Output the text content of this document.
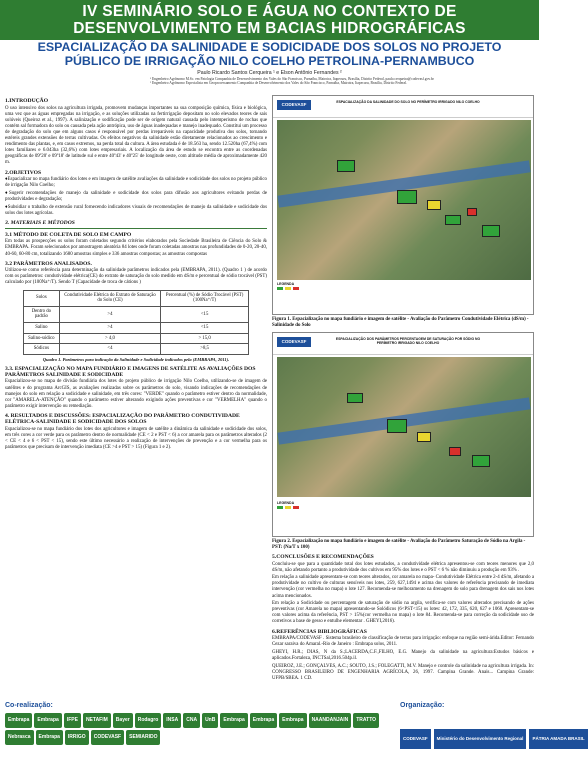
IV SEMINÁRIO SOLO E ÁGUA NO CONTEXTO DE
DESENVOLVIMENTO EM BACIAS HIDROGRÁFICAS
ESPACIALIZAÇÃO DA SALINIDADE E SODICIDADE DOS SOLOS NO PROJETO
PÚBLICO DE IRRIGAÇÃO NILO COELHO PETROLINA-PERNAMBUCO
Paulo Ricardo Santos Cerqueira ¹ e Elson Antônio Fernandes ²
¹ Engenheiro Agrônomo M.Sc. em Patologia Companhia de Desenvolvimento dos Vales do São Francisco, Parnaíba, Mairoira, Itapecuru, Brasília, Distrito Federal, paulo.cerqueira@codevasf.gov.br
² Engenheiro Agrônomo Especialista em Geoprocessamento Companhia de Desenvolvimento dos Vales do São Francisco, Parnaíba, Mairoira, Itapecuru, Brasília, Distrito Federal.
1.INTRODUÇÃO

O uso intensivo dos solos na agricultura irrigada, promovem mudanças importantes na sua composição química, física e biológica, uma vez que as águas empregadas na irrigação, e as soluções utilizadas na fertirrigação depositam no solo elevados teores de sais solúveis (Queiroz et al., 1997). A salinização e sodificação pode ser de origem natural causada pelo intemperismo de rochas que contém sal formadora do solo ou causada pela ação antrópica, uso de águas inadequadas e manejo inadequado. Constitui um processo de degradação do solo que em alguns casos é responsável por perdas irreparáveis na capacidade produtiva dos solos, tornando estéreis grandes extensões de terras cultivadas. Os efeitos negativos da salinidade estão diretamente relacionados ao crescimento e rendimento das plantas, e, em casos extremos, na perda total da cultura. A área estudada é de 18.563 ha, sendo 12.520ha (67,4%) com lotes familiares e 6.043ha (32,6%) com lotes empresariais. A localização da área de estudo se encontra entre as coordenadas geográficas de 09º20' e 09º18' de latitude sul e entre 40º43' e 40º25' de longitude oeste, com altitude média de aproximadamente 420 m.

2.OBJETIVOS

♦Espacializar no mapa fundiário dos lotes e em imagem de satélite avaliações da salinidade e sodicidade dos solos no projeto público de irrigação Nilo Coelho;

♦Sugerir recomendações de manejo da salinidade e sodicidade dos solos para difusão aos agricultores evitando perdas de produtividades e degradação;

♦Subsidiar o trabalho de extensão rural fornecendo indicadores visuais de recomendações de manejo da salinidade e sodicidade dos solos dos lotes agrícolas.

3. MATERIAIS E MÉTODOS
3.1 MÉTODO DE COLETA DE SOLO EM CAMPO

Em todas as prospecções os solos foram coletados segundo critérios elaborados pela Sociedade Brasileira de Ciência do Solo & EMBRAPA. Foram selecionados por amostragem aleatória 84 lotes onde foram coletadas amostras nas profundidades de 0-20, 20-40, 40-60, 60-80 cm, totalizando 1680 amostras simples e 336 amostras compostas; as amostras compostas

3.2 PARÂMETROS ANALISADOS.

Utilizou-se como referência para determinação da salinidade parâmetros indicados pela (EMBRAPA, 2011). (Quadro 1 ) de acordo com os parâmetros: condutividade elétrica(CE) do extrato de saturação do solo medido em dS/m e percentual de sódio trocável (PST) calculado por (100Na⁺/T). Sendo T (Capacidade de troca de cátions )

Solos	Condutividade Elétrica do Extrato de Saturação do Solo (CE)	Percentual (%) de Sódio Trocável (PST) (100Na⁺/T)
Dentro do padrão	>4	<15
Salino	>4	<15
Salino-sódico	> 4,0	> 15,0
Sódicos	<4	>8,5
Quadro 1. Parâmetros para indicação da Salinidade e Sodicidade indicados pela (EMBRAPA, 2011).
3.3. ESPACIALIZAÇÃO NO MAPA FUNDIÁRIO E IMAGENS DE SATÉLITE AS AVALIAÇÕES DOS PARÂMETROS SALINIDADE E SODICIDADE

Espacializou-se no mapa de divisão fundiária dos lotes do projeto público de irrigação Nilo Coelho, utilizando-se de imagem de satélites e do programa ArcGIS, as avaliações realizadas sobre os parâmetros do solo, visando indicações de recomendações de manejos do solo em relação a sodicidade e salinidade, em três cores: "VERDE" quando o parâmetro estiver dentro da normalidade, cor "AMARELA-ATENÇÃO" quando o parâmetro estiver alterando exigindo ações preventivas e cor "VERMELHA" quando o parâmetro exigir intervenção ou remediação.

4. RESULTADOS E DISCUSSÕES: ESPACIALIZAÇÃO DO PARÂMETRO CONDUTIVIDADE ELÉTRICA-SALINIDADE E SODICIDADE DOS SOLOS

Espacializou-se no mapa fundiário dos lotes dos agricultores e imagem de satélite a dinâmica da salinidade e sodicidade dos solos, em três cores a cor verde para os parâmetro dentro de normalidade (CE < 2 e PST < 6) a cor amarela para os parâmetros alterados (2 < CE < 4 e 6 < PST < 15), sendo este último necessário a realização de intervenções de prevenção e a cor vermelha para os parâmetros que precisam de intervenção imediata (CE >4 e PST > 15) (Figura 1 e 2).

CODEVASF	ESPACIALIZAÇÃO DA SALINIDADE DO SOLO NO PERÍMETRO IRRIGADO NILO COELHO
LEGENDA
Figura 1. Espacialização no mapa fundiário e imagem de satélite - Avaliação do Parâmetro Condutividade Elétrica (dS/m) - Salinidade do Solo
CODEVASF	ESPACIALIZAÇÃO DOS PARÂMETROS PERCENTAGEM DE SATURAÇÃO POR SÓDIO NO PERÍMETRO IRRIGADO NILO COELHO
LEGENDA
Figura 2. Espacialização no mapa fundiário e imagem de satélite - Avaliação do Parâmetro Saturação de Sódio na Argila - PST: (Na/T x 100)
5.CONCLUSÕES E RECOMENDAÇÕES

Concluiu-se que para a quantidade total dos lotes estudados, a condutividade elétrica apresentou-se com teores menores que 2,0 dS/m, não afetando portanto a produtividade dos cultivos em 95% dos lotes e o PST < 6 % não diminuiu a produção em 93% .

Em relação a salinidade apresentam-se com teores alterados, cor amarela no mapa- Condutividade Elétrica entre 2-4 dS/m, afetando a produtividade no cultivo de culturas sensíveis nos lotes, 259, 627,1494 e acima dos valores de referência precisando de imediata intervenção (cor vermelha no mapa) o lote 127. Recomenda-se melhoramento na drenagem do solo para drenagem dos sais nos lotes acima mencionados.

Em relação a Sodicidade ou percentagem de saturação de sódio na argila, verifica-se com valores alterados precisando de ações preventivas (cor Amarela no mapa) apresentando-se Solódicos (6<PST<15) os lotes: 42, 172, 335, 620, 627 e 1060. Apresentam-se com valores acima da referência, PST > 15%(cor vermelha no mapa) o lote 84. Recomenda-se para correção da sodicidade uso de corretivos a base de gesso e entulhe elementar . GHEYI,2016).

6.REFERÊNCIAS BIBLIOGRÁFICAS

EMBRAPA/CODEVASF . Sistema brasileiro de classificação de terras para irrigação: enfoque na região semi-árida.Editor: Fernando Cezar saraiva do Amaral.-Rio de Janeiro : Embrapa solos, 2011.

GHEYI, H.R.; DIAS, N da S.;LACERDA,C.F.,FILHO, E.G. Manejo da salinidade na agricultura:Estudos básicos e aplicados.Fortaleza, INCTSal,2016.504p.il.

QUEIROZ, J.E.; GONÇALVES, A.C.; SOUTO, J.S.; FOLEGATTI, M.V. Manejo e controle da salinidade na agricultura irrigada. In: CONGRESSO BRASILEIRO DE ENGENHARIA AGRÍCOLA, 26, 1997. Campina Grande. Anais... Campina Grande: UFPB/SBEA. 1 CD.

Co-realização:	Organização:
Embrapa	Embrapa	IFPE	NETAFIM	Bayer	Rodagro	INSA	CNA	UnB	Embrapa	Embrapa	Embrapa	NAANDANJAIN	TRATTO
Nebrasca	Embrapa	IRRIGO	CODEVASF	SEMIARIDO	CODEVASF	Ministério do Desenvolvimento Regional	PÁTRIA AMADA BRASIL
